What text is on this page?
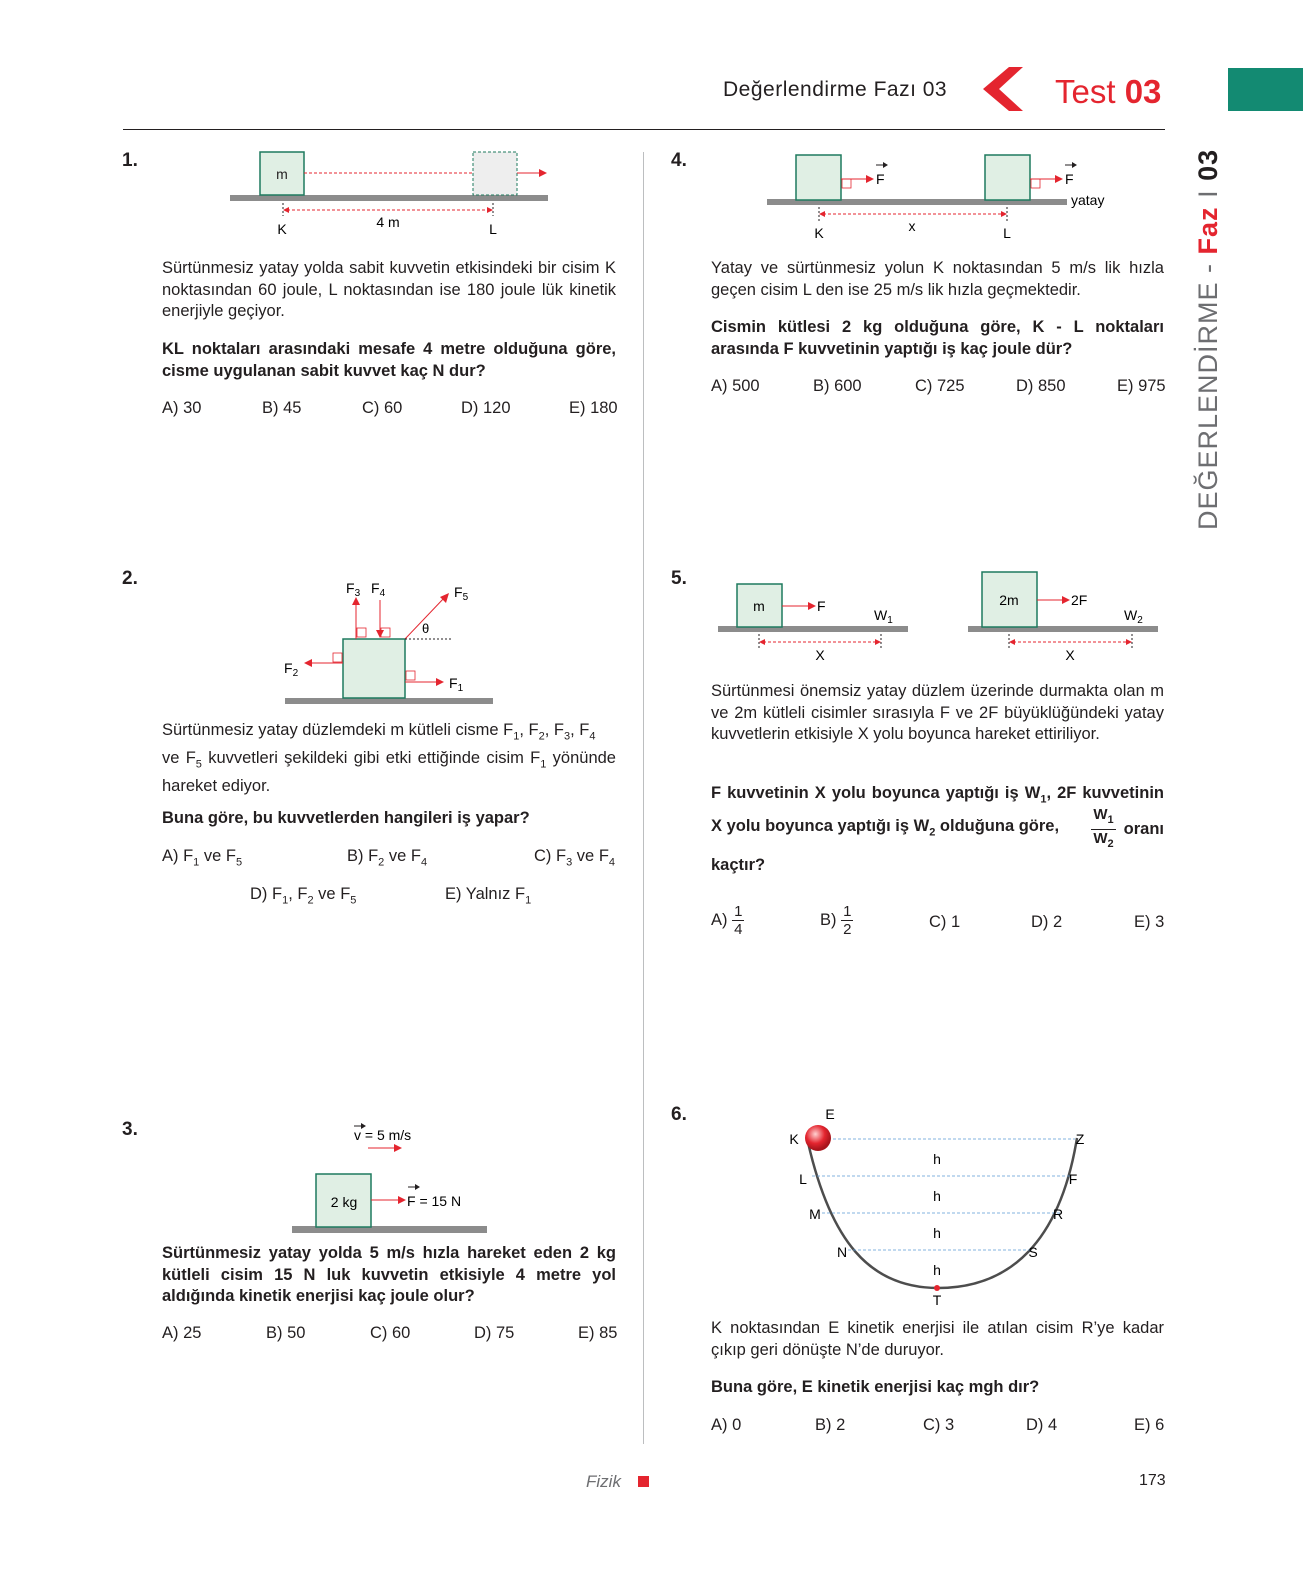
Değerlendirme Fazı 03	Test 03
DEĞERLENDİRME - Faz I 03
1.
m
4 m
K	L
Sürtünmesiz yatay yolda sabit kuvvetin etkisindeki bir cisim K noktasından 60 joule, L noktasından ise 180 joule lük kinetik enerjiyle geçiyor.
KL noktaları arasındaki mesafe 4 metre olduğuna göre, cisme uygulanan sabit kuvvet kaç N dur?
A) 30	B) 45	C) 60	D) 120	E) 180
2.
θ
$F_3$ $F_4$	$F_5$
$F_2$
$F_1$
Sürtünmesiz yatay düzlemdeki m kütleli cisme $F_1$, $F_2$, $F_3$, $F_4$
ve $F_5$ kuvvetleri şekildeki gibi etki ettiğinde cisim $F_1$ yönünde hareket ediyor.
Buna göre, bu kuvvetlerden hangileri iş yapar?
A) $F_1$ ve $F_5$	B) $F_2$ ve $F_4$	C) $F_3$ ve $F_4$
D) $F_1$, $F_2$ ve $F_5$	E) Yalnız $F_1$
3.
2 kg
v = 5 m/s
F = 15 N
Sürtünmesiz yatay yolda 5 m/s hızla hareket eden 2 kg kütleli cisim 15 N luk kuvvetin etkisiyle 4 metre yol aldığında kinetik enerjisi kaç joule olur?
A) 25	B) 50	C) 60	D) 75	E) 85
4.
F	F
yatay
x
K	L
Yatay ve sürtünmesiz yolun K noktasından 5 m/s lik hızla geçen cisim L den ise 25 m/s lik hızla geçmektedir.
Cismin kütlesi 2 kg olduğuna göre, K - L noktaları arasında F kuvvetinin yaptığı iş kaç joule dür?
A) 500	B) 600	C) 725	D) 850	E) 975
5.
m	F
$W_1$
X
2m	2F
$W_2$
X
Sürtünmesi önemsiz yatay düzlem üzerinde durmakta olan m ve 2m kütleli cisimler sırasıyla F ve 2F büyüklüğündeki yatay kuvvetlerin etkisiyle X yolu boyunca hareket ettiriliyor.
F kuvvetinin X yolu boyunca yaptığı iş $W_1$, 2F kuvvetinin
X yolu boyunca yaptığı iş $W_2$ olduğuna göre, $\frac{W_1}{W_2}$ oranı
kaçtır?
$A) \frac{1}{4}$	$B) \frac{1}{2}$	C) 1	D) 2	E) 3
6.	E
K	Z
L	F
M	R
N	S
T
h
h
h
h
K noktasından E kinetik enerjisi ile atılan cisim R’ye kadar çıkıp geri dönüşte N’de duruyor.
Buna göre, E kinetik enerjisi kaç mgh dır?
A) 0	B) 2	C) 3	D) 4	E) 6
Fizik	173
